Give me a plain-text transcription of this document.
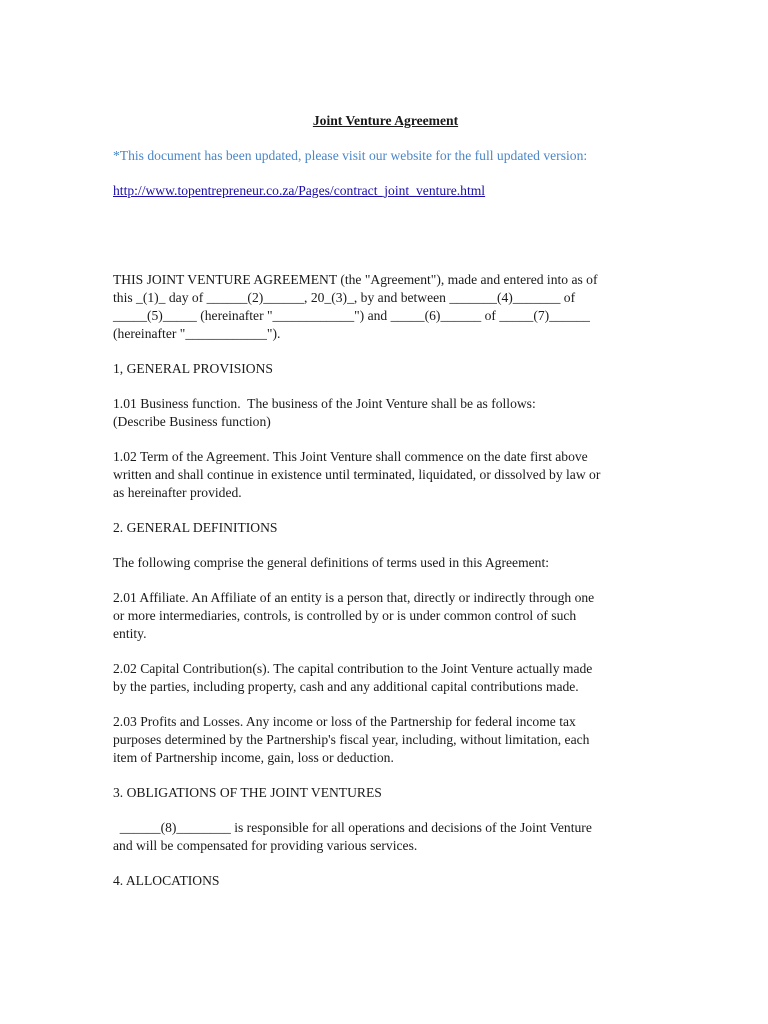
Joint Venture Agreement

*This document has been updated, please visit our website for the full updated version:

http://www.topentrepreneur.co.za/Pages/contract_joint_venture.html

THIS JOINT VENTURE AGREEMENT (the "Agreement"), made and entered into as of
this _(1)_ day of ______(2)______, 20_(3)_, by and between _______(4)_______ of
_____(5)_____ (hereinafter "____________") and _____(6)______ of _____(7)______
(hereinafter "____________").

1, GENERAL PROVISIONS

1.01 Business function.  The business of the Joint Venture shall be as follows:
(Describe Business function)

1.02 Term of the Agreement. This Joint Venture shall commence on the date first above
written and shall continue in existence until terminated, liquidated, or dissolved by law or
as hereinafter provided.

2. GENERAL DEFINITIONS

The following comprise the general definitions of terms used in this Agreement:

2.01 Affiliate. An Affiliate of an entity is a person that, directly or indirectly through one
or more intermediaries, controls, is controlled by or is under common control of such
entity.

2.02 Capital Contribution(s). The capital contribution to the Joint Venture actually made
by the parties, including property, cash and any additional capital contributions made.

2.03 Profits and Losses. Any income or loss of the Partnership for federal income tax
purposes determined by the Partnership's fiscal year, including, without limitation, each
item of Partnership income, gain, loss or deduction.

3. OBLIGATIONS OF THE JOINT VENTURES

______(8)________ is responsible for all operations and decisions of the Joint Venture
and will be compensated for providing various services.

4. ALLOCATIONS
